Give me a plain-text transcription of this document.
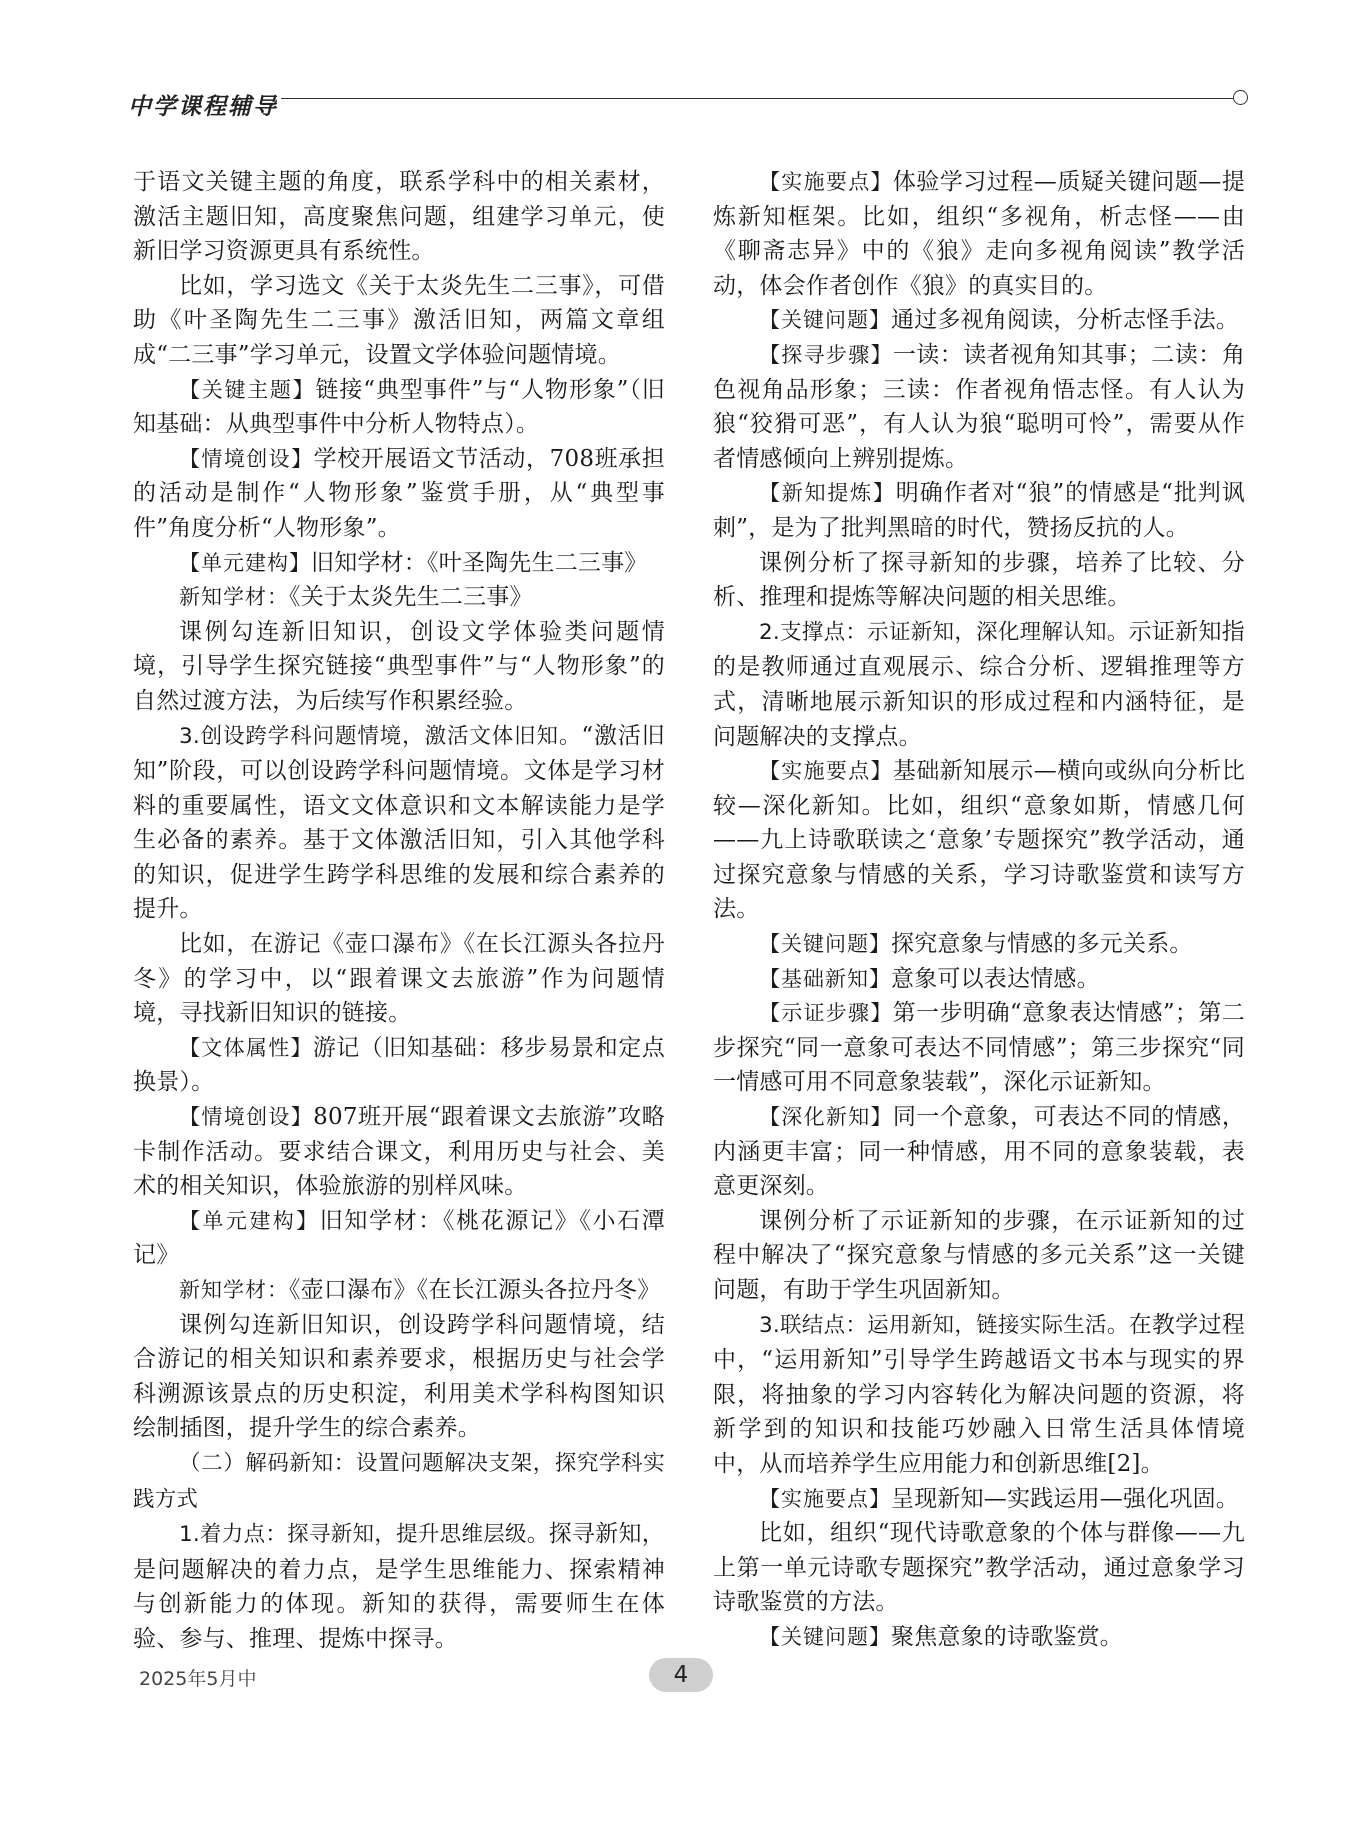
中学课程辅导

于语文关键主题的角度，联系学科中的相关素材，激活主题旧知，高度聚焦问题，组建学习单元，使新旧学习资源更具有系统性。

比如，学习选文《关于太炎先生二三事》，可借助《叶圣陶先生二三事》激活旧知，两篇文章组成“二三事”学习单元，设置文学体验问题情境。

【关键主题】链接“典型事件”与“人物形象”（旧知基础：从典型事件中分析人物特点）。

【情境创设】学校开展语文节活动，708班承担的活动是制作“人物形象”鉴赏手册，从“典型事件”角度分析“人物形象”。

【单元建构】旧知学材：《叶圣陶先生二三事》

新知学材：《关于太炎先生二三事》

课例勾连新旧知识，创设文学体验类问题情境，引导学生探究链接“典型事件”与“人物形象”的自然过渡方法，为后续写作积累经验。

3.创设跨学科问题情境，激活文体旧知。“激活旧知”阶段，可以创设跨学科问题情境。文体是学习材料的重要属性，语文文体意识和文本解读能力是学生必备的素养。基于文体激活旧知，引入其他学科的知识，促进学生跨学科思维的发展和综合素养的提升。

比如，在游记《壶口瀑布》《在长江源头各拉丹冬》的学习中，以“跟着课文去旅游”作为问题情境，寻找新旧知识的链接。

【文体属性】游记（旧知基础：移步易景和定点换景）。

【情境创设】807班开展“跟着课文去旅游”攻略卡制作活动。要求结合课文，利用历史与社会、美术的相关知识，体验旅游的别样风味。

【单元建构】旧知学材：《桃花源记》《小石潭记》

新知学材：《壶口瀑布》《在长江源头各拉丹冬》

课例勾连新旧知识，创设跨学科问题情境，结合游记的相关知识和素养要求，根据历史与社会学科溯源该景点的历史积淀，利用美术学科构图知识绘制插图，提升学生的综合素养。

（二）解码新知：设置问题解决支架，探究学科实践方式

1.着力点：探寻新知，提升思维层级。探寻新知，是问题解决的着力点，是学生思维能力、探索精神与创新能力的体现。新知的获得，需要师生在体验、参与、推理、提炼中探寻。

【实施要点】体验学习过程—质疑关键问题—提炼新知框架。比如，组织“多视角，析志怪——由《聊斋志异》中的《狼》走向多视角阅读”教学活动，体会作者创作《狼》的真实目的。

【关键问题】通过多视角阅读，分析志怪手法。

【探寻步骤】一读：读者视角知其事；二读：角色视角品形象；三读：作者视角悟志怪。有人认为狼“狡猾可恶”，有人认为狼“聪明可怜”，需要从作者情感倾向上辨别提炼。

【新知提炼】明确作者对“狼”的情感是“批判讽刺”，是为了批判黑暗的时代，赞扬反抗的人。

课例分析了探寻新知的步骤，培养了比较、分析、推理和提炼等解决问题的相关思维。

2.支撑点：示证新知，深化理解认知。示证新知指的是教师通过直观展示、综合分析、逻辑推理等方式，清晰地展示新知识的形成过程和内涵特征，是问题解决的支撑点。

【实施要点】基础新知展示—横向或纵向分析比较—深化新知。比如，组织“意象如斯，情感几何——九上诗歌联读之‘意象’专题探究”教学活动，通过探究意象与情感的关系，学习诗歌鉴赏和读写方法。

【关键问题】探究意象与情感的多元关系。

【基础新知】意象可以表达情感。

【示证步骤】第一步明确“意象表达情感”；第二步探究“同一意象可表达不同情感”；第三步探究“同一情感可用不同意象装载”，深化示证新知。

【深化新知】同一个意象，可表达不同的情感，内涵更丰富；同一种情感，用不同的意象装载，表意更深刻。

课例分析了示证新知的步骤，在示证新知的过程中解决了“探究意象与情感的多元关系”这一关键问题，有助于学生巩固新知。

3.联结点：运用新知，链接实际生活。在教学过程中，“运用新知”引导学生跨越语文书本与现实的界限，将抽象的学习内容转化为解决问题的资源，将新学到的知识和技能巧妙融入日常生活具体情境中，从而培养学生应用能力和创新思维[2]。

【实施要点】呈现新知—实践运用—强化巩固。

比如，组织“现代诗歌意象的个体与群像——九上第一单元诗歌专题探究”教学活动，通过意象学习诗歌鉴赏的方法。

【关键问题】聚焦意象的诗歌鉴赏。

2025年5月中	4
